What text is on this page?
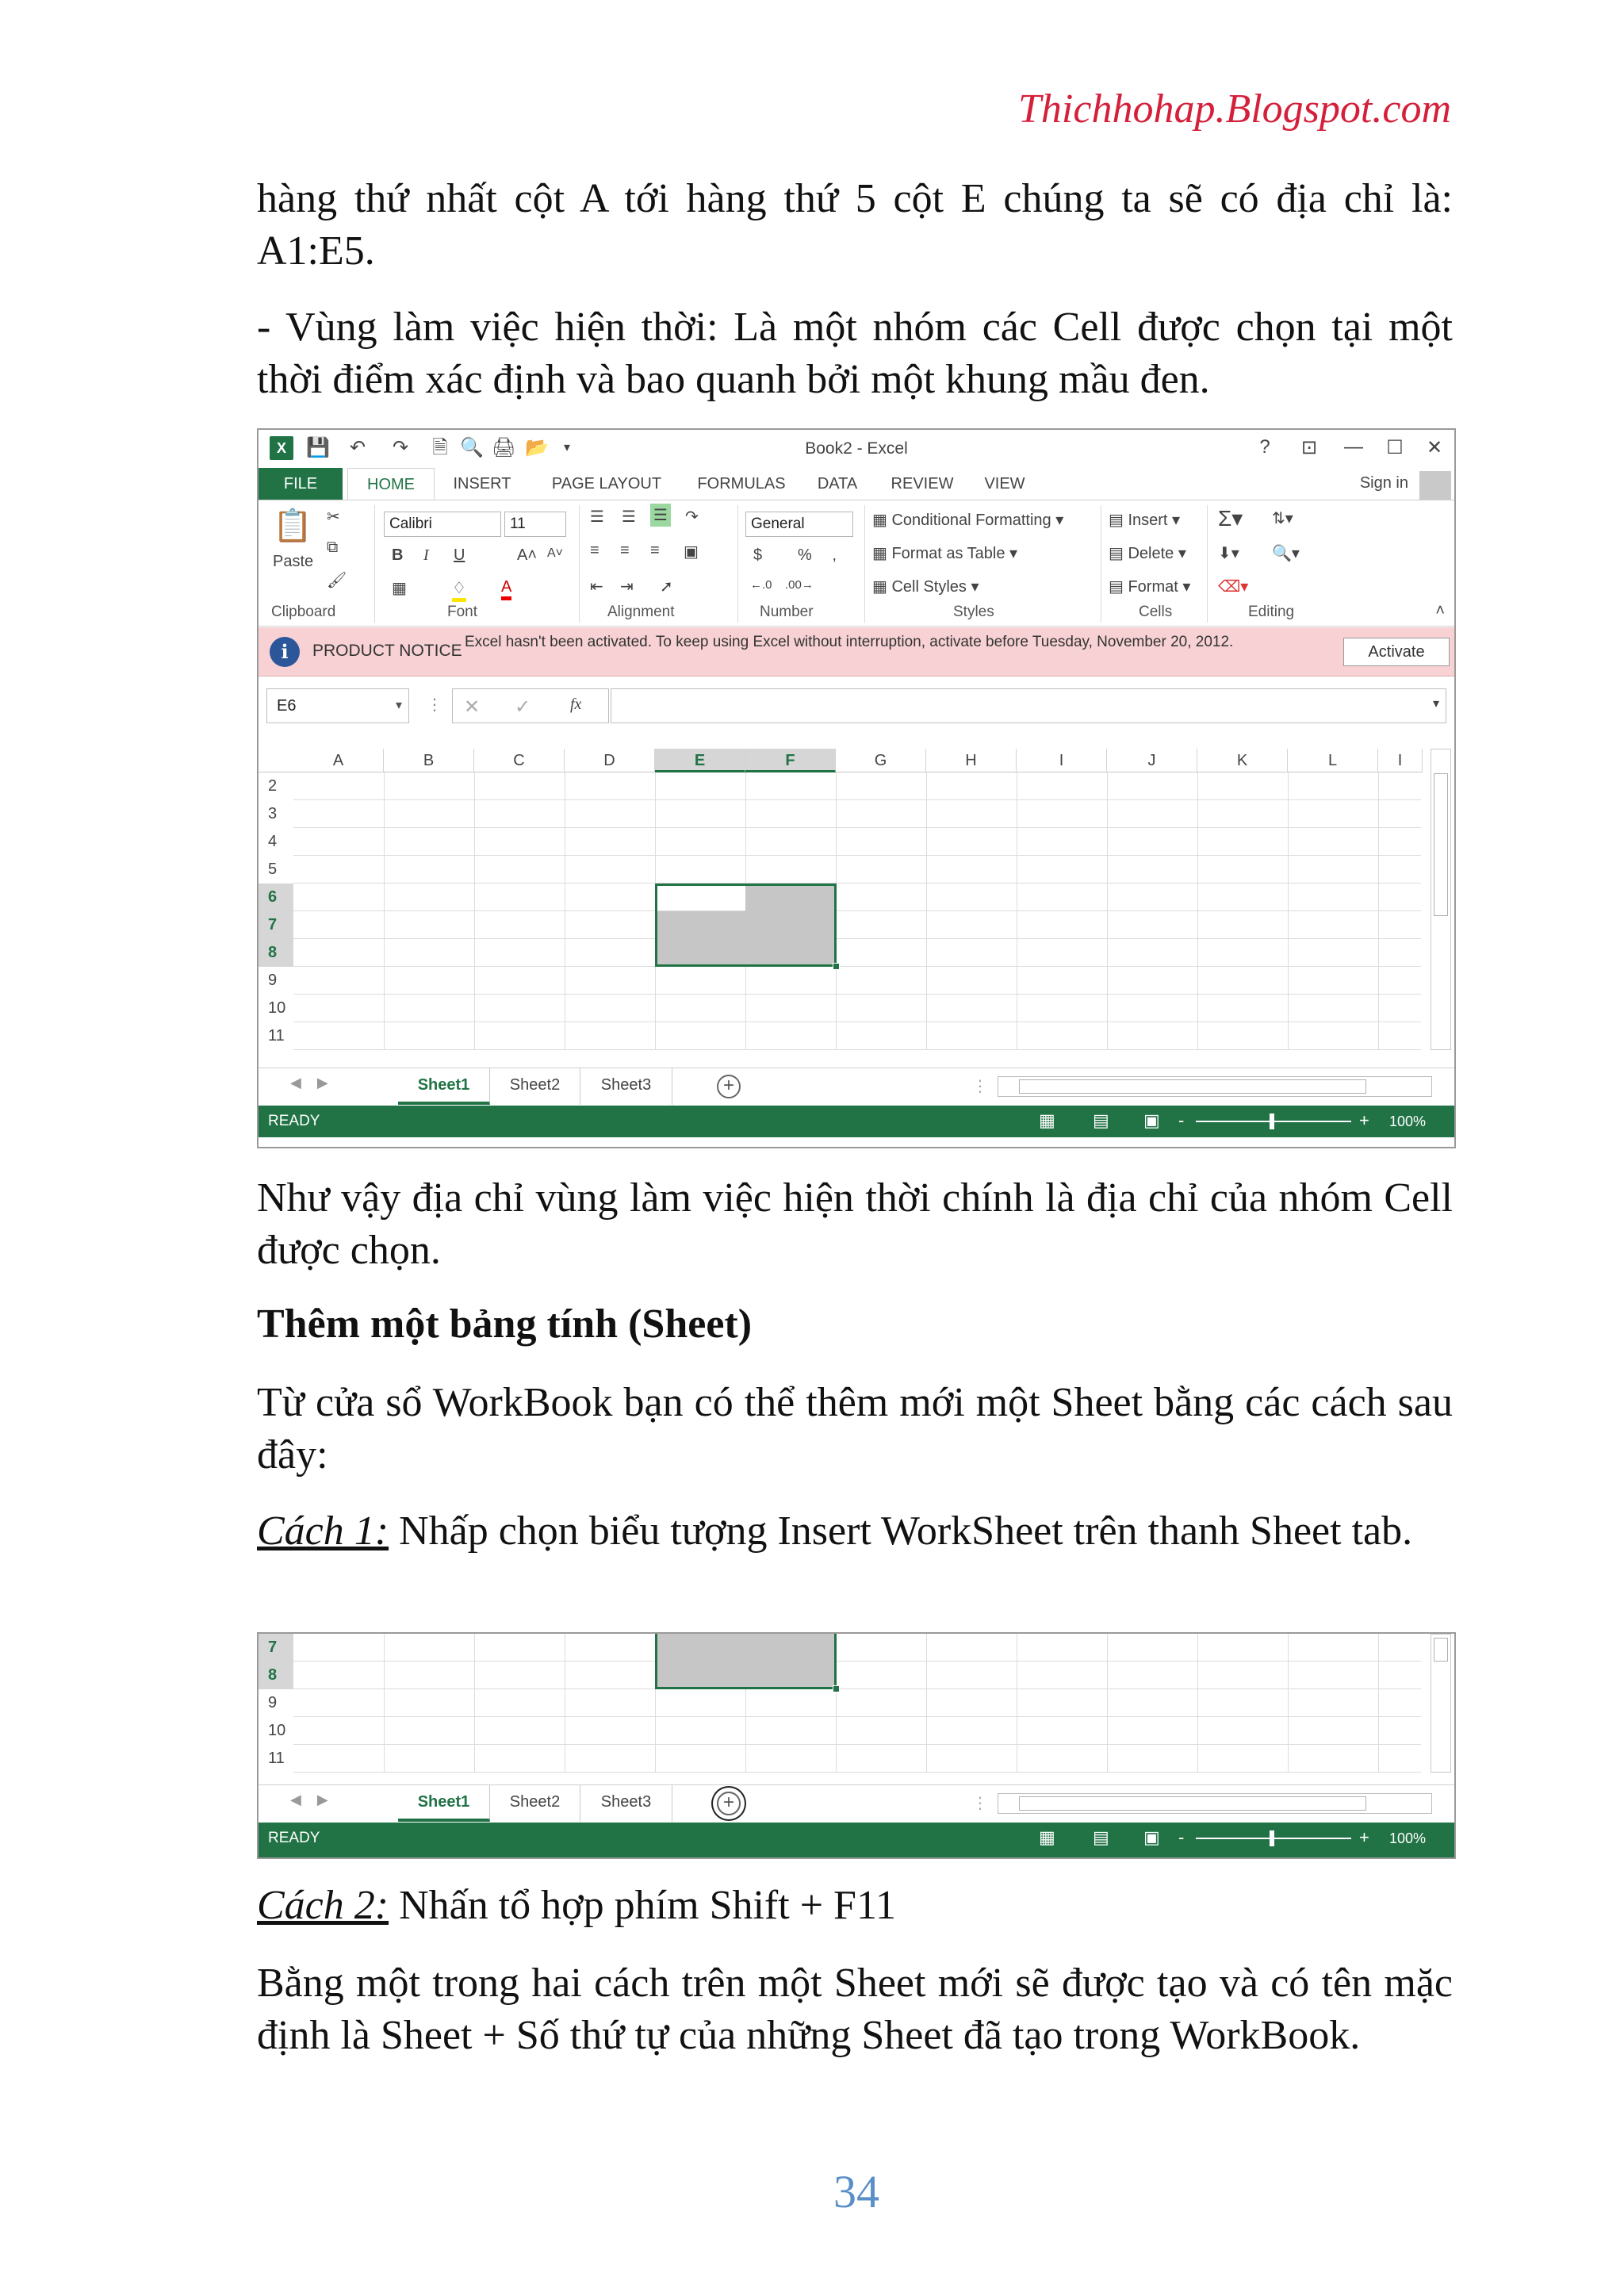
Thichhohap.Blogspot.com
hàng thứ nhất cột A tới hàng thứ 5 cột E chúng ta sẽ có địa chỉ là: A1:E5.
- Vùng làm việc hiện thời: Là một nhóm các Cell được chọn tại một thời điểm xác định và bao quanh bởi một khung mầu đen.
X	💾 ↶ ↷ 🗎 🔍 🖨 📂	▾	Book2 - Excel	?	⊡ — ☐ ✕
FILE	HOME	INSERT	PAGE LAYOUT	FORMULAS	DATA	REVIEW	VIEW	Sign in
📋
Paste
✂
⧉
🖌
Clipboard
Calibri	11
B I U	A˄ A˅
▦	♢ A
Font
☰ ☰ ☰ ↷
≡ ≡ ≡ ▣
⇤ ⇥ ➚
Alignment
General
$ % ‚
←.0 .00→
Number
▦ Conditional Formatting ▾
▦ Format as Table ▾
▦ Cell Styles ▾
Styles
▤ Insert ▾
▤ Delete ▾
▤ Format ▾
Cells
Σ▾ ⇅▾
⬇▾ 🔍▾
⌫▾
Editing	˄
i	PRODUCT NOTICE Excel hasn't been activated. To keep using Excel without interruption, activate before Tuesday, November 20, 2012.
Activate
E6	▾ ⋮ ✕ ✓ fx	▾
A	B	C	D	E	F	G	H	I	J	K	L	I
2
3
4
5
6
7
8
9
10
11
◀    ▶	Sheet1	Sheet2	Sheet3	+	⋮
READY	▦ ▤ ▣ -	+ 100%
Như vậy địa chỉ vùng làm việc hiện thời chính là địa chỉ của nhóm Cell được chọn.
Thêm một bảng tính (Sheet)
Từ cửa sổ WorkBook bạn có thể thêm mới một Sheet bằng các cách sau đây:
Cách 1: Nhấp chọn biểu tượng Insert WorkSheet trên thanh Sheet tab.
7
8
9
10
11
◀    ▶	Sheet1	Sheet2	Sheet3	+	⋮
READY	▦ ▤ ▣ -	+ 100%
Cách 2: Nhấn tổ hợp phím Shift + F11
Bằng một trong hai cách trên một Sheet mới sẽ được tạo và có tên mặc định là Sheet + Số thứ tự của những Sheet đã tạo trong WorkBook.
34
